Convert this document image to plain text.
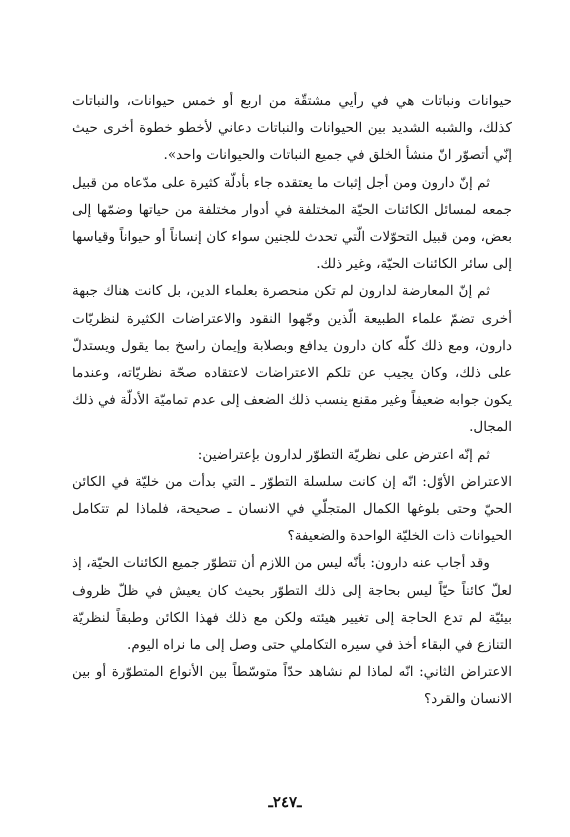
حيوانات ونباتات هي في رأيي مشتقّة من اربع أو خمس حيوانات، والنباتات كذلك، والشبه الشديد بين الحيوانات والنباتات دعاني لأخطو خطوة أخرى حيث إنّي أتصوّر انّ منشأ الخلق في جميع النباتات والحيوانات واحد».

ثم إنّ دارون ومن أجل إثبات ما يعتقده جاء بأدلّة كثيرة على مدّعاه من قبيل جمعه لمسائل الكائنات الحيّة المختلفة في أدوار مختلفة من حياتها وضمّها إلى بعض، ومن قبيل التحوّلات الّتي تحدث للجنين سواء كان إنساناً أو حيواناً وقياسها إلى سائر الكائنات الحيّة، وغير ذلك.

ثم إنّ المعارضة لدارون لم تكن منحصرة بعلماء الدين، بل كانت هناك جبهة أخرى تضمّ علماء الطبيعة الّذين وجّهوا النقود والاعتراضات الكثيرة لنظريّات دارون، ومع ذلك كلّه كان دارون يدافع وبصلابة وإيمان راسخ بما يقول ويستدلّ على ذلك، وكان يجيب عن تلكم الاعتراضات لاعتقاده صحّة نظريّاته، وعندما يكون جوابه ضعيفاً وغير مقنع ينسب ذلك الضعف إلى عدم تماميّة الأدلّة في ذلك المجال.

ثم إنّه اعترض على نظريّة التطوّر لدارون بإعتراضين:

الاعتراض الأوّل: انّه إن كانت سلسلة التطوّر ـ التي بدأت من خليّة في الكائن الحيّ وحتى بلوغها الكمال المتجلّي في الانسان ـ صحيحة، فلماذا لم تتكامل الحيوانات ذات الخليّة الواحدة والضعيفة؟

وقد أجاب عنه دارون: بأنّه ليس من اللازم أن تتطوّر جميع الكائنات الحيّة، إذ لعلّ كائناً حيّاً ليس بحاجة إلى ذلك التطوّر بحيث كان يعيش في ظلّ ظروف بيئيّة لم تدع الحاجة إلى تغيير هيئته ولكن مع ذلك فهذا الكائن وطبقاً لنظريّة التنازع في البقاء أخذ في سيره التكاملي حتى وصل إلى ما نراه اليوم.

الاعتراض الثاني: انّه لماذا لم نشاهد حدّاً متوسّطاً بين الأنواع المتطوّرة أو بين الانسان والقرد؟

ـ٢٤٧ـ
